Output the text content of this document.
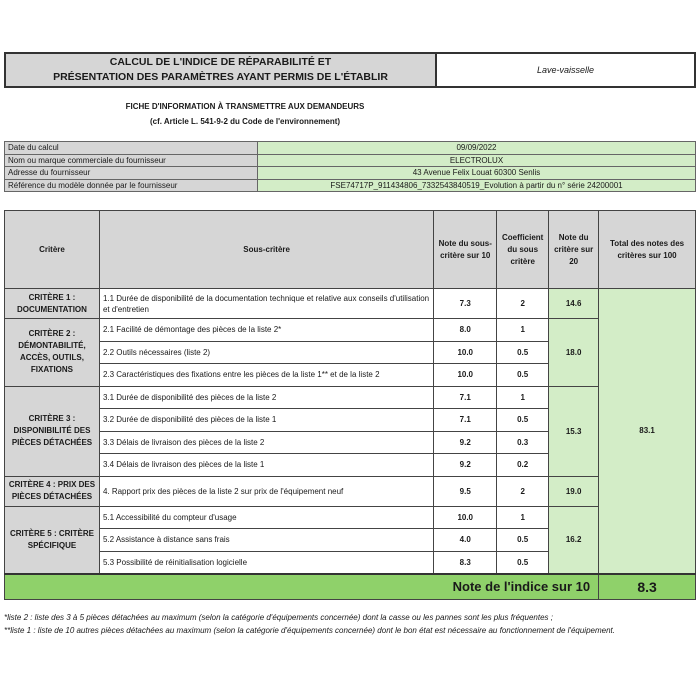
CALCUL DE L'INDICE DE RÉPARABILITÉ ET
PRÉSENTATION DES PARAMÈTRES AYANT PERMIS DE L'ÉTABLIR
Lave-vaisselle
FICHE D'INFORMATION À TRANSMETTRE AUX DEMANDEURS
(cf. Article L. 541-9-2 du Code de l'environnement)
Date du calcul	09/09/2022
Nom ou marque commerciale du fournisseur	ELECTROLUX
Adresse du fournisseur	43 Avenue Felix Louat 60300 Senlis
Référence du modèle donnée par le fournisseur	FSE74717P_911434806_7332543840519_Evolution à partir du n° série 24200001
Critère	Sous-critère	Note du sous-critère sur 10	Coefficient du sous critère	Note du critère sur 20	Total des notes des critères sur 100
CRITÈRE 1 : DOCUMENTATION	1.1 Durée de disponibilité de la documentation technique et relative aux conseils d'utilisation et d'entretien	7.3	2	14.6	83.1
CRITÈRE 2 : DÉMONTABILITÉ, ACCÈS, OUTILS, FIXATIONS	2.1 Facilité de démontage des pièces de la liste 2*	8.0	1	18.0	
	2.2 Outils nécessaires (liste 2)	10.0	0.5		
	2.3 Caractéristiques des fixations entre les pièces de la liste 1** et de la liste 2	10.0	0.5		
CRITÈRE 3 : DISPONIBILITÉ DES PIÈCES DÉTACHÉES	3.1 Durée de disponibilité des pièces de la liste 2	7.1	1	15.3	
	3.2 Durée de disponibilité des pièces de la liste 1	7.1	0.5		
	3.3 Délais de livraison des pièces de la liste 2	9.2	0.3		
	3.4 Délais de livraison des pièces de la liste 1	9.2	0.2		
CRITÈRE 4 : PRIX DES PIÈCES DÉTACHÉES	4. Rapport prix des pièces de la liste 2 sur prix de l'équipement neuf	9.5	2	19.0	
CRITÈRE 5 : CRITÈRE SPÉCIFIQUE	5.1 Accessibilité du compteur d'usage	10.0	1	16.2	
	5.2 Assistance à distance sans frais	4.0	0.5		
	5.3 Possibilité de réinitialisation logicielle	8.3	0.5		
Note de l'indice sur 10					8.3
*liste 2 : liste des 3 à 5 pièces détachées au maximum (selon la catégorie d'équipements concernée) dont la casse ou les pannes sont les plus fréquentes ;
**liste 1 : liste de 10 autres pièces détachées au maximum (selon la catégorie d'équipements concernée) dont le bon état est nécessaire au fonctionnement de l'équipement.
